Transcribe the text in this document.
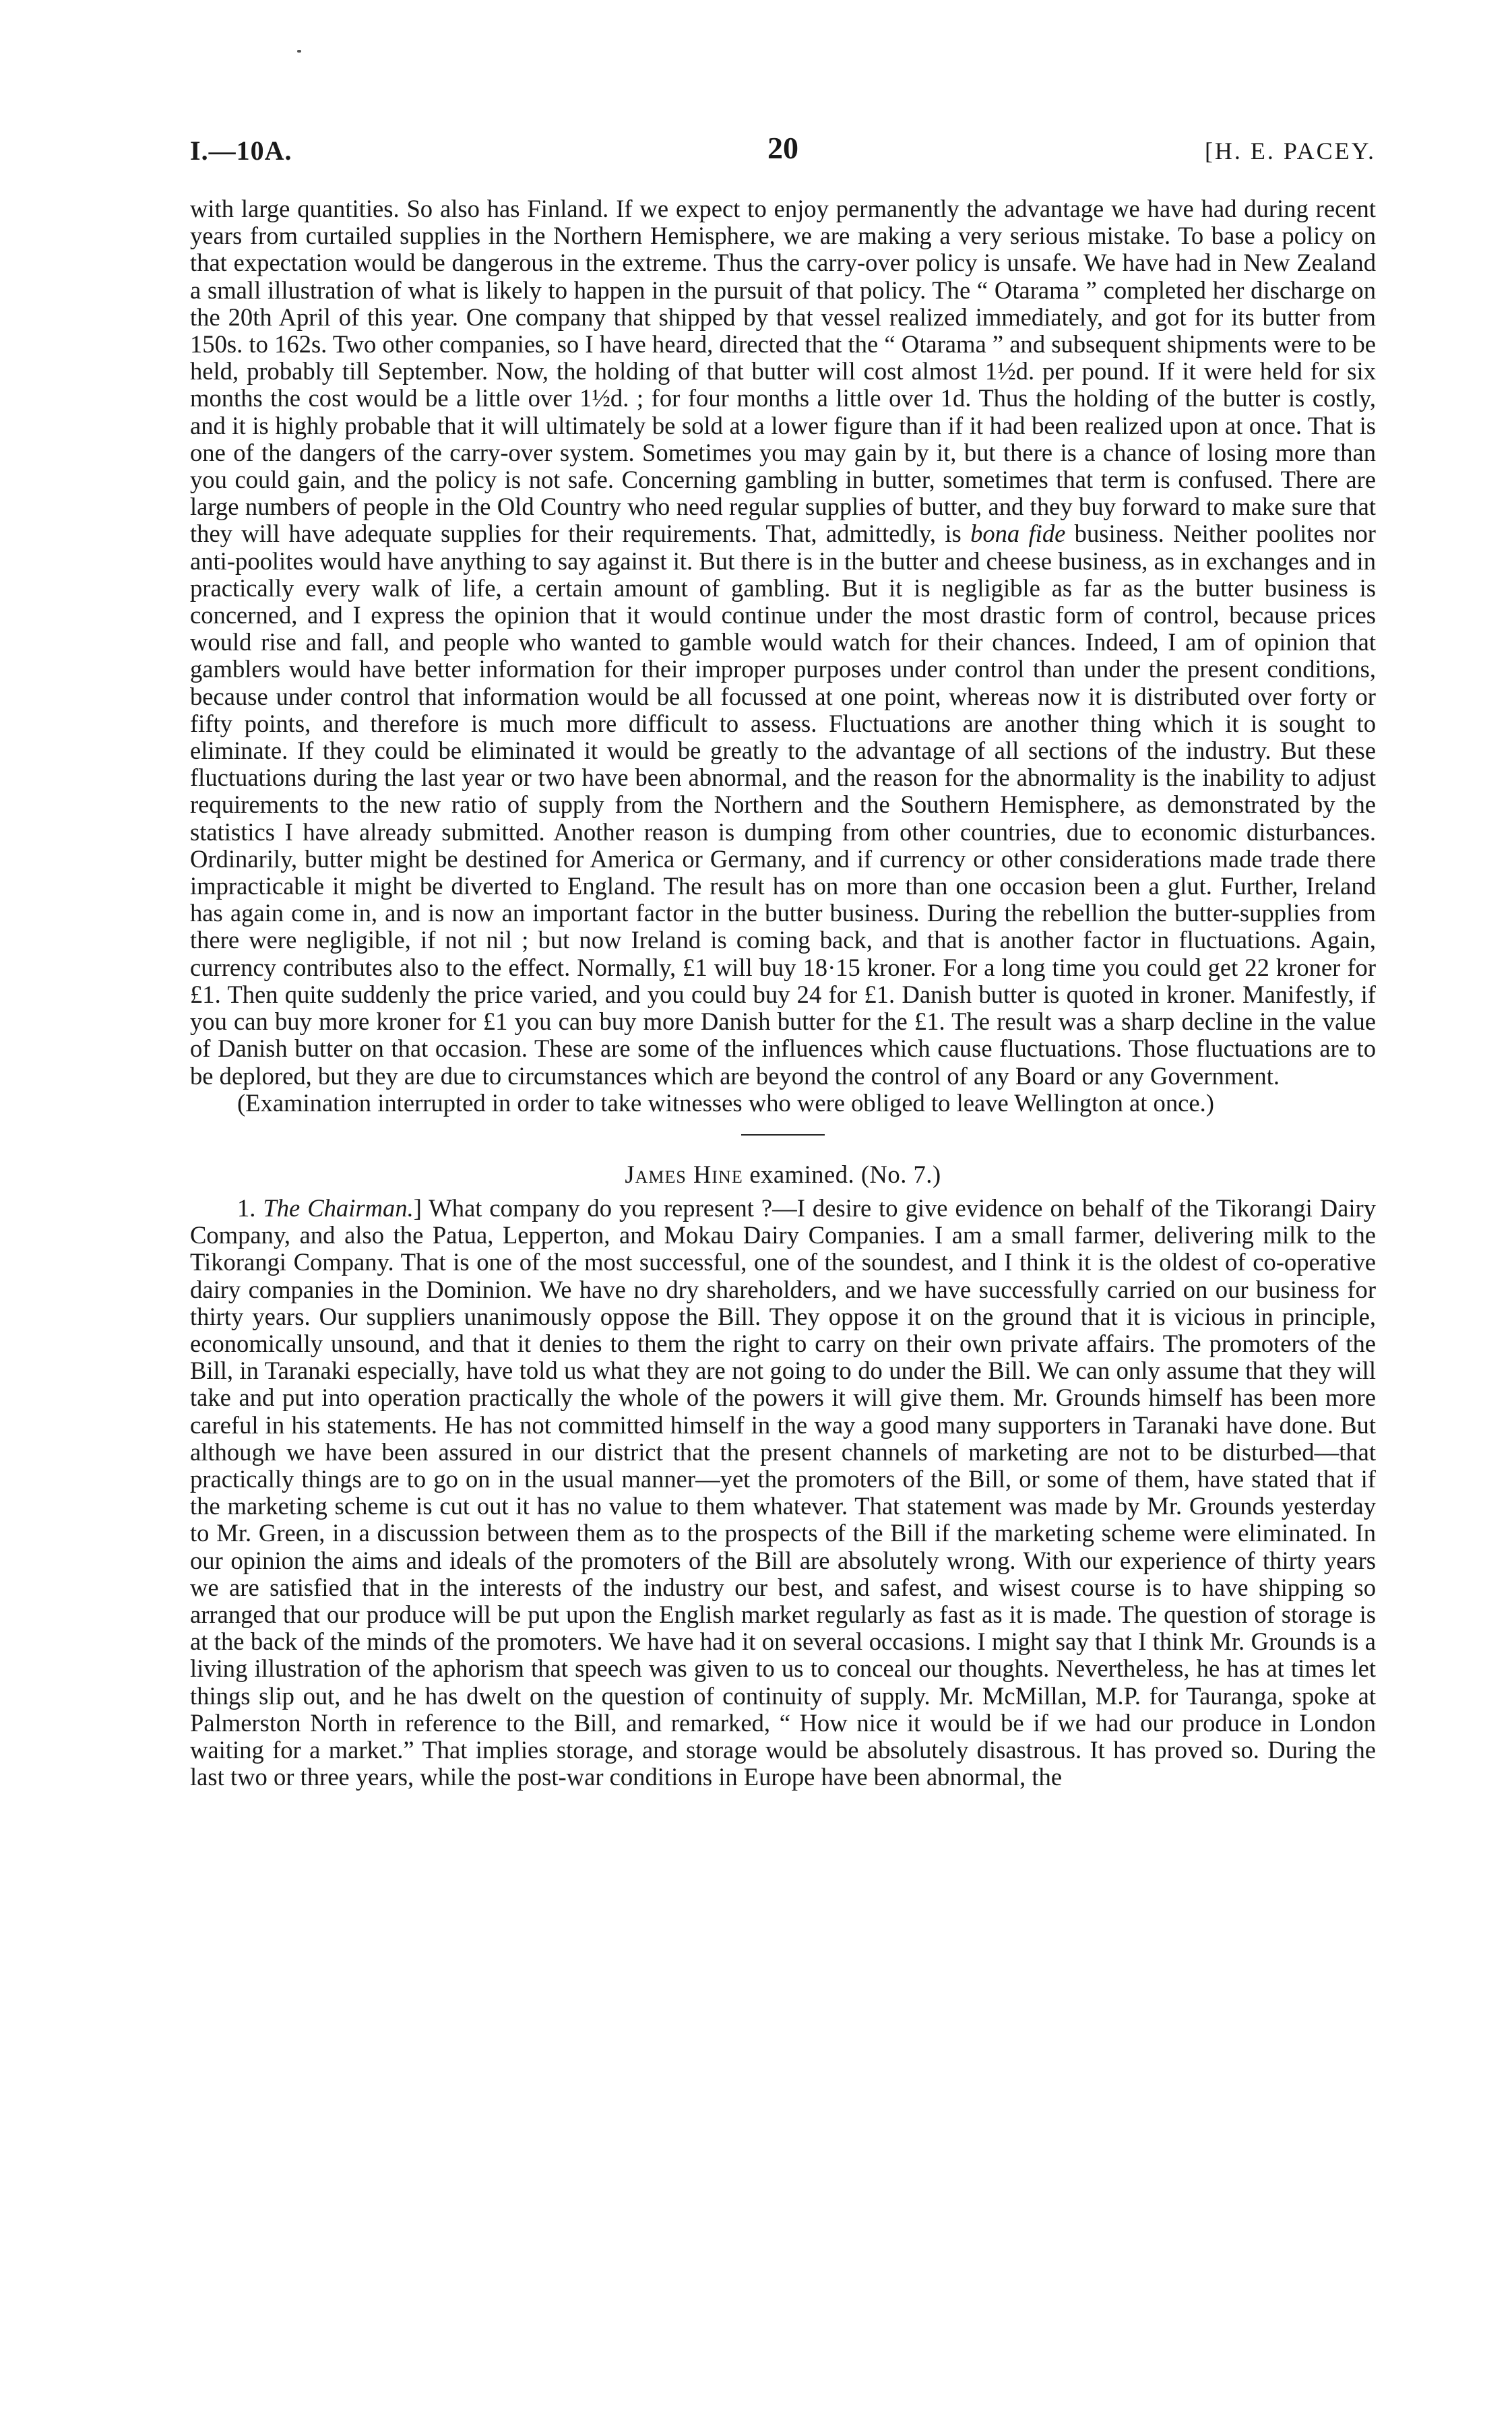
I.—10A.	20	[H. E. PACEY.

with large quantities. So also has Finland. If we expect to enjoy permanently the advantage we have had during recent years from curtailed supplies in the Northern Hemisphere, we are making a very serious mistake. To base a policy on that expectation would be dangerous in the extreme. Thus the carry-over policy is unsafe. We have had in New Zealand a small illustration of what is likely to happen in the pursuit of that policy. The “ Otarama ” completed her discharge on the 20th April of this year. One company that shipped by that vessel realized immediately, and got for its butter from 150s. to 162s. Two other companies, so I have heard, directed that the “ Otarama ” and subsequent shipments were to be held, probably till September. Now, the holding of that butter will cost almost 1½d. per pound. If it were held for six months the cost would be a little over 1½d. ; for four months a little over 1d. Thus the holding of the butter is costly, and it is highly probable that it will ultimately be sold at a lower figure than if it had been realized upon at once. That is one of the dangers of the carry-over system. Sometimes you may gain by it, but there is a chance of losing more than you could gain, and the policy is not safe. Concerning gambling in butter, sometimes that term is confused. There are large numbers of people in the Old Country who need regular supplies of butter, and they buy forward to make sure that they will have adequate supplies for their requirements. That, admittedly, is bona fide business. Neither poolites nor anti-poolites would have anything to say against it. But there is in the butter and cheese business, as in exchanges and in practically every walk of life, a certain amount of gambling. But it is negligible as far as the butter business is concerned, and I express the opinion that it would continue under the most drastic form of control, because prices would rise and fall, and people who wanted to gamble would watch for their chances. Indeed, I am of opinion that gamblers would have better information for their improper purposes under control than under the present conditions, because under control that information would be all focussed at one point, whereas now it is distributed over forty or fifty points, and therefore is much more difficult to assess. Fluctuations are another thing which it is sought to eliminate. If they could be eliminated it would be greatly to the advantage of all sections of the industry. But these fluctuations during the last year or two have been abnormal, and the reason for the abnormality is the inability to adjust requirements to the new ratio of supply from the Northern and the Southern Hemisphere, as demonstrated by the statistics I have already submitted. Another reason is dumping from other countries, due to economic disturbances. Ordinarily, butter might be destined for America or Germany, and if currency or other considerations made trade there impracticable it might be diverted to England. The result has on more than one occasion been a glut. Further, Ireland has again come in, and is now an important factor in the butter business. During the rebellion the butter-supplies from there were negligible, if not nil ; but now Ireland is coming back, and that is another factor in fluctuations. Again, currency contributes also to the effect. Normally, £1 will buy 18·15 kroner. For a long time you could get 22 kroner for £1. Then quite suddenly the price varied, and you could buy 24 for £1. Danish butter is quoted in kroner. Manifestly, if you can buy more kroner for £1 you can buy more Danish butter for the £1. The result was a sharp decline in the value of Danish butter on that occasion. These are some of the influences which cause fluctuations. Those fluctuations are to be deplored, but they are due to circumstances which are beyond the control of any Board or any Government.

(Examination interrupted in order to take witnesses who were obliged to leave Wellington at once.)

James Hine examined. (No. 7.)

1. The Chairman.] What company do you represent ?—I desire to give evidence on behalf of the Tikorangi Dairy Company, and also the Patua, Lepperton, and Mokau Dairy Companies. I am a small farmer, delivering milk to the Tikorangi Company. That is one of the most successful, one of the soundest, and I think it is the oldest of co-operative dairy companies in the Dominion. We have no dry shareholders, and we have successfully carried on our business for thirty years. Our suppliers unanimously oppose the Bill. They oppose it on the ground that it is vicious in principle, economically unsound, and that it denies to them the right to carry on their own private affairs. The promoters of the Bill, in Taranaki especially, have told us what they are not going to do under the Bill. We can only assume that they will take and put into operation practically the whole of the powers it will give them. Mr. Grounds himself has been more careful in his statements. He has not committed himself in the way a good many supporters in Taranaki have done. But although we have been assured in our district that the present channels of marketing are not to be disturbed—that practically things are to go on in the usual manner—yet the promoters of the Bill, or some of them, have stated that if the marketing scheme is cut out it has no value to them whatever. That statement was made by Mr. Grounds yesterday to Mr. Green, in a discussion between them as to the prospects of the Bill if the marketing scheme were eliminated. In our opinion the aims and ideals of the promoters of the Bill are absolutely wrong. With our experience of thirty years we are satisfied that in the interests of the industry our best, and safest, and wisest course is to have shipping so arranged that our produce will be put upon the English market regularly as fast as it is made. The question of storage is at the back of the minds of the promoters. We have had it on several occasions. I might say that I think Mr. Grounds is a living illustration of the aphorism that speech was given to us to conceal our thoughts. Nevertheless, he has at times let things slip out, and he has dwelt on the question of continuity of supply. Mr. McMillan, M.P. for Tauranga, spoke at Palmerston North in reference to the Bill, and remarked, “ How nice it would be if we had our produce in London waiting for a market.” That implies storage, and storage would be absolutely disastrous. It has proved so. During the last two or three years, while the post-war conditions in Europe have been abnormal, the
